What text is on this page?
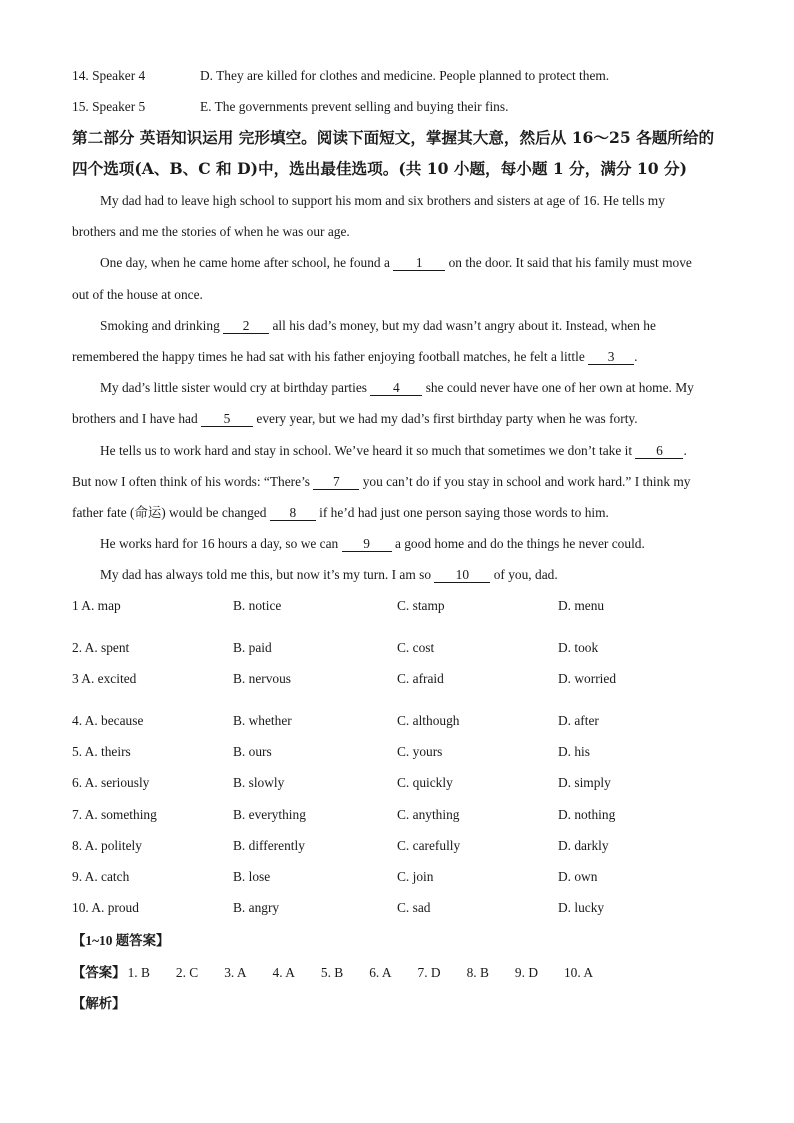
14. Speaker 4	D. They are killed for clothes and medicine. People planned to protect them.
15. Speaker 5	E. The governments prevent selling and buying their fins.
第二部分 英语知识运用 完形填空。阅读下面短文，掌握其大意，然后从 16～25 各题所给的
四个选项(A、B、C 和 D)中，选出最佳选项。(共 10 小题，每小题 1 分，满分 10 分)
My dad had to leave high school to support his mom and six brothers and sisters at age of 16. He tells my
brothers and me the stories of when he was our age.
One day, when he came home after school, he found a 1 on the door. It said that his family must move
out of the house at once.
Smoking and drinking 2 all his dad’s money, but my dad wasn’t angry about it. Instead, when he
remembered the happy times he had sat with his father enjoying football matches, he felt a little 3 .
My dad’s little sister would cry at birthday parties 4 she could never have one of her own at home. My
brothers and I have had 5 every year, but we had my dad’s first birthday party when he was forty.
He tells us to work hard and stay in school. We’ve heard it so much that sometimes we don’t take it 6 .
But now I often think of his words: “There’s 7 you can’t do if you stay in school and work hard.” I think my
father fate (命运) would be changed 8 if he’d had just one person saying those words to him.
He works hard for 16 hours a day, so we can 9 a good home and do the things he never could.
My dad has always told me this, but now it’s my turn. I am so 10 of you, dad.
1 A. map	B. notice	C. stamp	D. menu
2. A. spent	B. paid	C. cost	D. took
3 A. excited	B. nervous	C. afraid	D. worried
4. A. because	B. whether	C. although	D. after
5. A. theirs	B. ours	C. yours	D. his
6. A. seriously	B. slowly	C. quickly	D. simply
7. A. something	B. everything	C. anything	D. nothing
8. A. politely	B. differently	C. carefully	D. darkly
9. A. catch	B. lose	C. join	D. own
10. A. proud	B. angry	C. sad	D. lucky
【1~10 题答案】
【答案】 1. B 2. C 3. A 4. A 5. B 6. A 7. D 8. B 9. D 10. A
【解析】
